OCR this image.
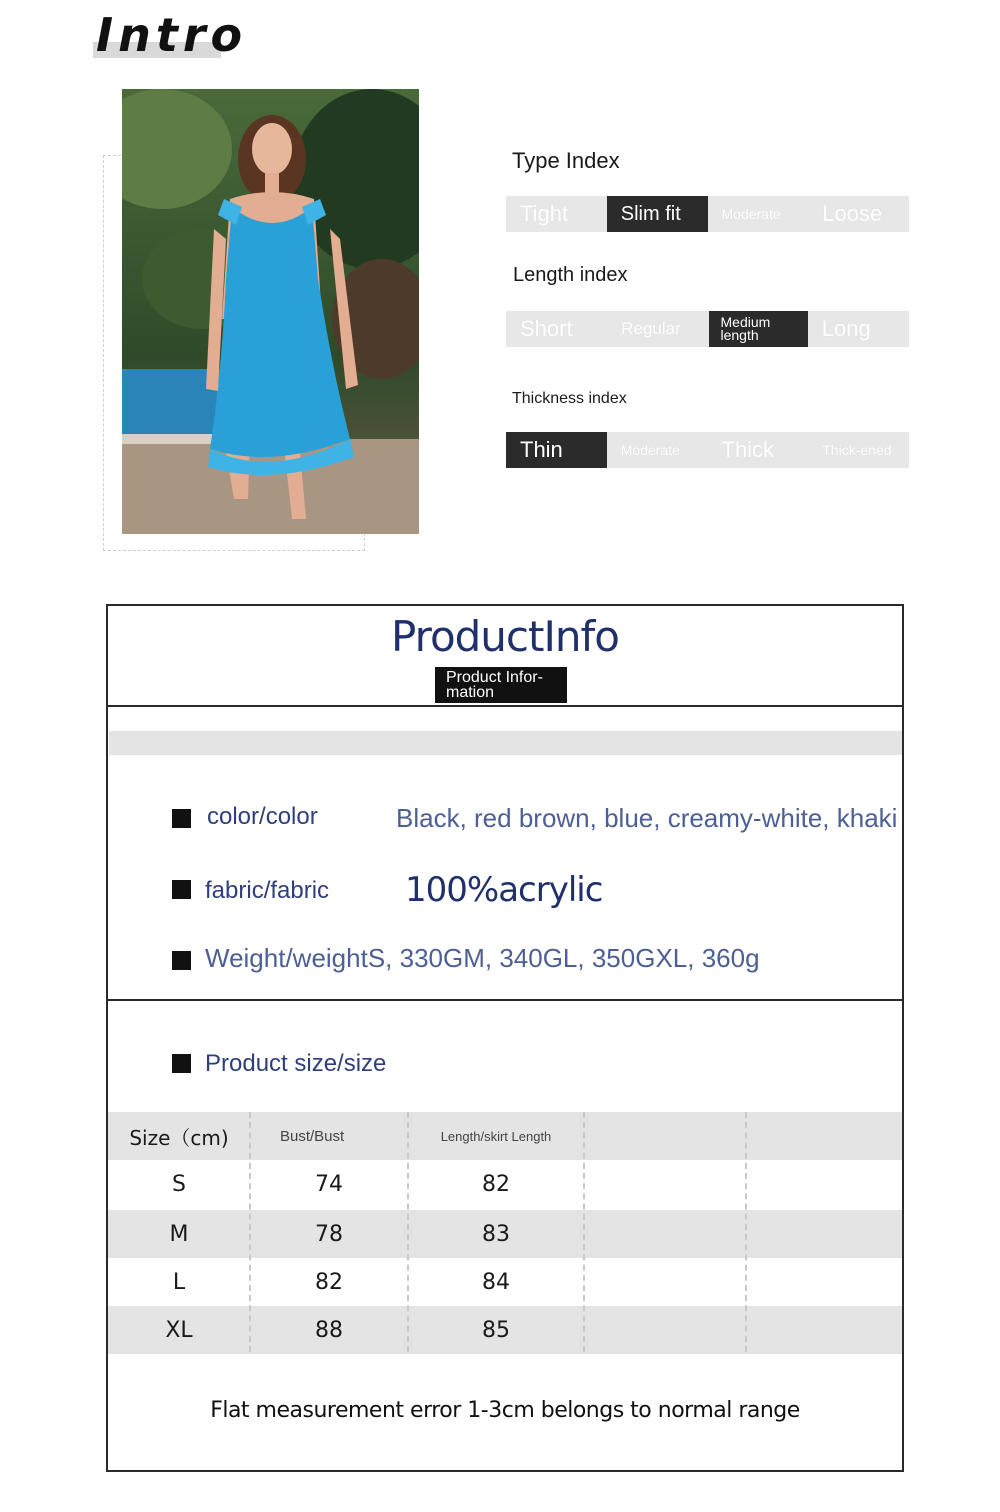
Intro
Type Index
Tight	Slim fit	Moderate	Loose
Length index
Short	Regular	Medium length	Long
Thickness index
Thin	Moderate	Thick	Thick-ened
ProductInfo
Product Infor-mation
color/color	Black, red brown, blue, creamy-white, khaki
fabric/fabric 100%acrylic
Weight/weightS, 330GM, 340GL, 350GXL, 360g
Product size/size
Size（cm)	Bust/Bust	Length/skirt Length
S	74	82
M	78	83
L	82	84
XL	88	85
Flat measurement error 1-3cm belongs to normal range
